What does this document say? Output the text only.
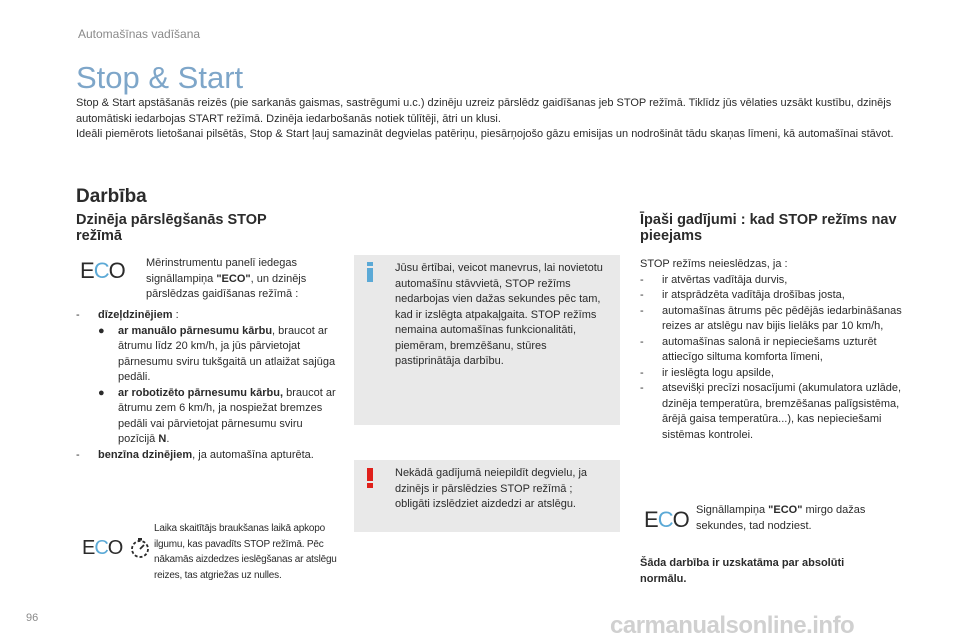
Automašīnas vadīšana
Stop & Start

Stop & Start apstāšanās reizēs (pie sarkanās gaismas, sastrēgumi u.c.) dzinēju uzreiz pārslēdz gaidīšanas jeb STOP režīmā. Tiklīdz jūs vēlaties uzsākt kustību, dzinējs automātiski iedarbojas START režīmā. Dzinēja iedarbošanās notiek tūlītēji, ātri un klusi.

Ideāli piemērots lietošanai pilsētās, Stop & Start ļauj samazināt degvielas patēriņu, piesārņojošo gāzu emisijas un nodrošināt tādu skaņas līmeni, kā automašīnai stāvot.

Darbība
Dzinēja pārslēgšanās STOP režīmā
ECO Mērinstrumentu panelī iedegas signāllampiņa "ECO", un dzinējs pārslēdzas gaidīšanas režīmā :
- dīzeļdzinējiem :
● ar manuālo pārnesumu kārbu, braucot ar ātrumu līdz 20 km/h, ja jūs pārvietojat pārnesumu sviru tukšgaitā un atlaižat sajūga pedāli.
● ar robotizēto pārnesumu kārbu, braucot ar ātrumu zem 6 km/h, ja nospiežat bremzes pedāli vai pārvietojat pārnesumu sviru pozīcijā N.
- benzīna dzinējiem, ja automašīna apturēta.
ECO
Laika skaitītājs braukšanas laikā apkopo ilgumu, kas pavadīts STOP režīmā. Pēc nākamās aizdedzes ieslēgšanas ar atslēgu reizes, tas atgriežas uz nulles.
Jūsu ērtībai, veicot manevrus, lai novietotu automašīnu stāvvietā, STOP režīms nedarbojas vien dažas sekundes pēc tam, kad ir izslēgta atpakaļgaita. STOP režīms nemaina automašīnas funkcionalitāti, piemēram, bremzēšanu, stūres pastiprinātāja darbību.
Nekādā gadījumā neiepildīt degvielu, ja dzinējs ir pārslēdzies STOP režīmā ; obligāti izslēdziet aizdedzi ar atslēgu.
Īpaši gadījumi : kad STOP režīms nav pieejams
STOP režīms neieslēdzas, ja :
- ir atvērtas vadītāja durvis,
- ir atsprādzēta vadītāja drošības josta,
- automašīnas ātrums pēc pēdējās iedarbināšanas reizes ar atslēgu nav bijis lielāks par 10 km/h,
- automašīnas salonā ir nepieciešams uzturēt attiecīgo siltuma komforta līmeni,
- ir ieslēgta logu apsilde,
- atsevišķi precīzi nosacījumi (akumulatora uzlāde, dzinēja temperatūra, bremzēšanas palīgsistēma, ārējā gaisa temperatūra...), kas nepieciešami sistēmas kontrolei.
ECO Signāllampiņa "ECO" mirgo dažas sekundes, tad nodziest.
Šāda darbība ir uzskatāma par absolūti normālu.
96	carmanualsonline.info
